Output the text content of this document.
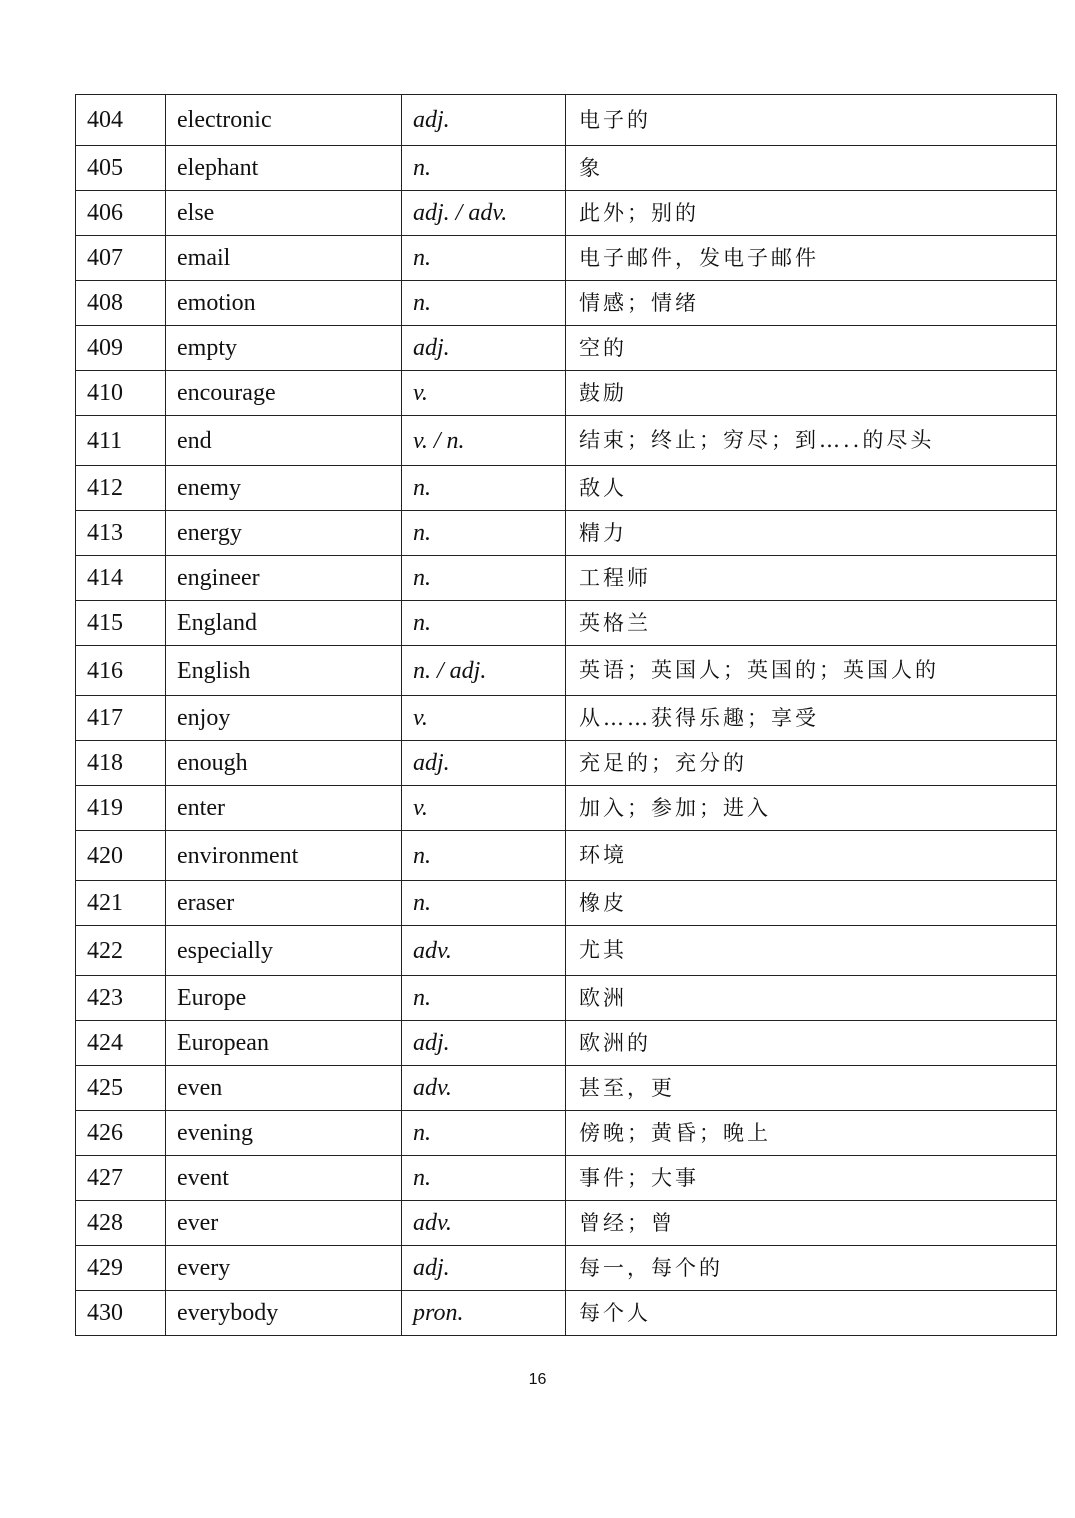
404	electronic	adj.	电子的
405	elephant	n.	象
406	else	adj. / adv.	此外；别的
407	email	n.	电子邮件，发电子邮件
408	emotion	n.	情感；情绪
409	empty	adj.	空的
410	encourage	v.	鼓励
411	end	v. / n.	结束；终止；穷尽；到…..的尽头
412	enemy	n.	敌人
413	energy	n.	精力
414	engineer	n.	工程师
415	England	n.	英格兰
416	English	n. / adj.	英语；英国人；英国的；英国人的
417	enjoy	v.	从……获得乐趣；享受
418	enough	adj.	充足的；充分的
419	enter	v.	加入；参加；进入
420	environment	n.	环境
421	eraser	n.	橡皮
422	especially	adv.	尤其
423	Europe	n.	欧洲
424	European	adj.	欧洲的
425	even	adv.	甚至，更
426	evening	n.	傍晚；黄昏；晚上
427	event	n.	事件；大事
428	ever	adv.	曾经；曾
429	every	adj.	每一，每个的
430	everybody	pron.	每个人
16
